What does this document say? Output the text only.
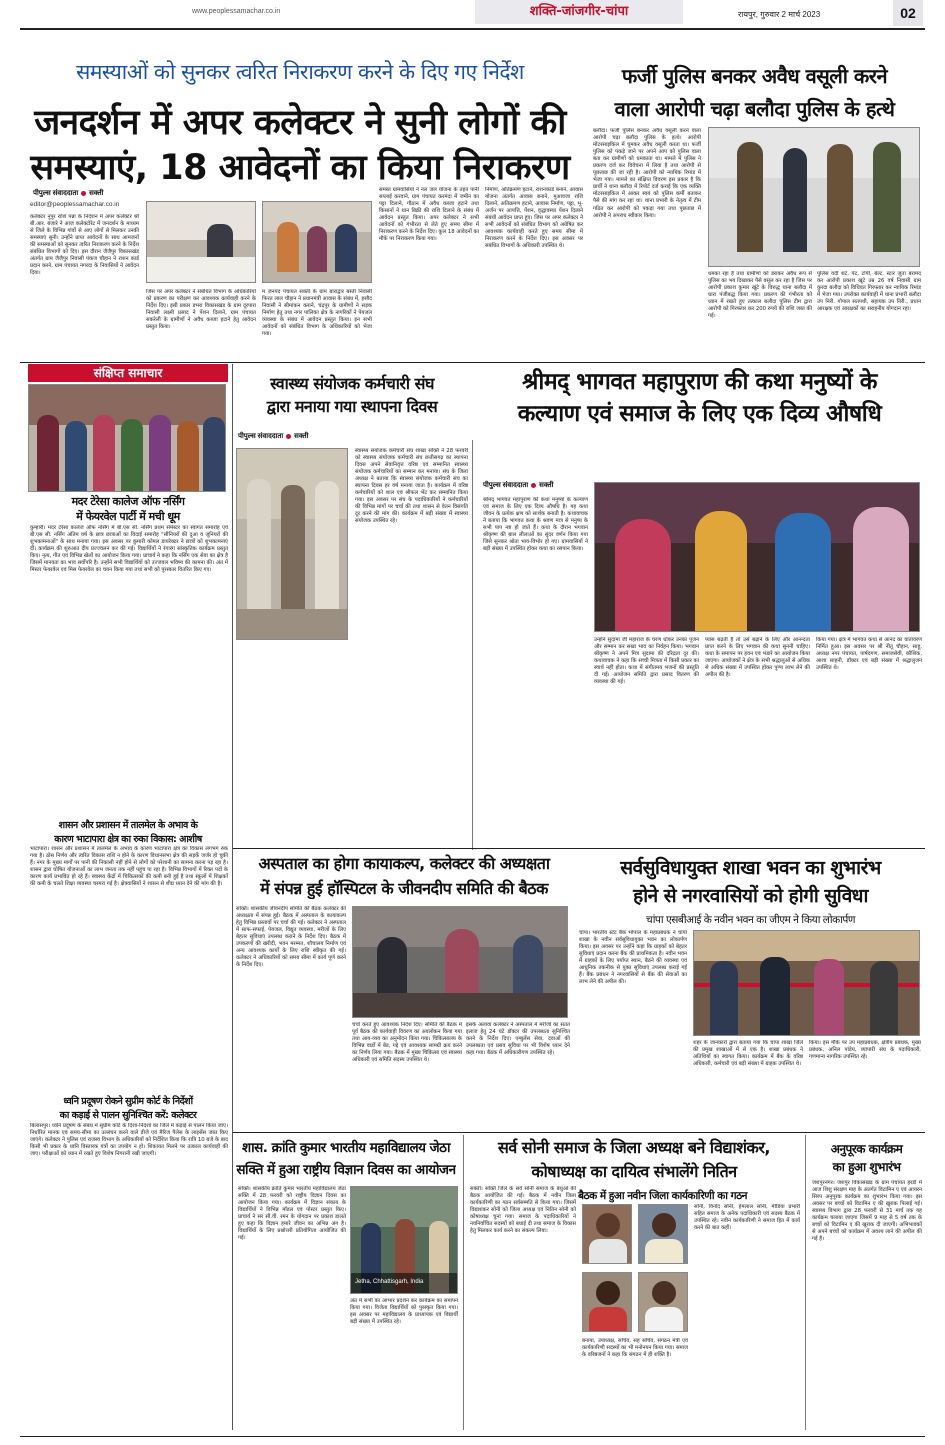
www.peoplessamachar.co.in	शक्ति-जांजगीर-चांपा	रायपुर, गुरुवार 2 मार्च 2023	02
समस्याओं को सुनकर त्वरित निराकरण करने के दिए गए निर्देश
जनदर्शन में अपर कलेक्टर ने सुनी लोगों की
समस्याएं, 18 आवेदनों का किया निराकरण
पीपुल्स संवाददाता सक्ती
editor@peoplessamachar.co.in
कलेक्टर नूपुर राशि पन्ना के निर्देशन में अपर कलेक्टर श्री बी.आर. बंजारे ने आज कलेक्टोरेट में जनदर्शन के माध्यम से जिले के विभिन्न गांवों से आए लोगों से मिलकर उनकी समस्याएं सुनी। उन्होंने प्राप्त आवेदनों के साथ आमजनों की समस्याओं को सुनकर त्वरित निराकरण करने के निर्देश संबंधित विभागों को दिए। इस दौरान जैजैपुर विकासखंड अंतर्गत ग्राम जैजैपुर निवासी पंकज चौहान ने राशन कार्ड प्रदान करने, ग्राम पंचायत नगरदा के निवासियों ने आवेदन दिया।
जिस पर अपर कलेक्टर ने संबंधित विभाग के अधिकारियों को प्रकरण का परीक्षण कर आवश्यक कार्यवाही करने के निर्देश दिए। इसी प्रकार डभरा विकासखंड के ग्राम दूरपारा निवासी लक्ष्मी प्रसाद ने पेंशन दिलाने, ग्राम पंचायत सकरेली के ग्रामीणों ने अवैध कब्जा हटाने हेतु आवेदन प्रस्तुत किया।
म जनपद पंचायत सक्ती के ग्राम बाराद्वार बस्ती निवासी फिरत लाल चौहान ने प्रधानमंत्री आवास के संबंध में, हसौद निवासी ने सीमांकन कराने, चंद्रपुर के ग्रामीणों ने सड़क निर्माण हेतु तथा नगर पालिका क्षेत्र के नागरिकों ने पेयजल व्यवस्था के संबंध में आवेदन प्रस्तुत किया। इन सभी आवेदनों को संबंधित विभाग के अधिकारियों को भेजा गया।
समस्त ग्रामवासियों ने नल जल योजना के तहत पानी सप्लाई करवाने, ग्राम पंचायत करमंदा में जमीन का पट्टा दिलाने, गौठान में अवैध कब्जा हटाने तथा किसानों ने धान बिक्री की राशि दिलाने के संबंध में आवेदन प्रस्तुत किया। अपर कलेक्टर ने सभी आवेदनों को गंभीरता से लेते हुए समय सीमा में निराकरण करने के निर्देश दिए। कुल 18 आवेदनों का मौके पर निराकरण किया गया।
निर्माण, अतिक्रमण हटाने, राशनकार्ड बनाने, आवास योजना अंतर्गत आवास बनाने, मुआवजा राशि दिलाने, अतिक्रमण हटाने, आवास निर्माण, पट्टा, भू-अर्जन पर आपत्ति, पेंशन, वृद्धावस्था पेंशन दिलाने संबंधी आवेदन प्राप्त हुए। जिस पर अपर कलेक्टर ने सभी आवेदनों को संबंधित विभाग को अग्रेषित कर आवश्यक कार्यवाही करते हुए समय सीमा में निराकरण करने के निर्देश दिए। इस अवसर पर संबंधित विभागों के अधिकारी उपस्थित थे।
फर्जी पुलिस बनकर अवैध वसूली करने
वाला आरोपी चढ़ा बलौदा पुलिस के हत्थे
बलौदा। फर्जी पुलिस बनकर अवैध वसूली करने वाला आरोपी चढ़ा बलौदा पुलिस के हत्थे। आरोपी मोटरसाइकिल में घूमकर अवैध वसूली करता था। फर्जी पुलिस को पकड़े जाने पर अपने आप को पुलिस वाला बता कर ग्रामीणों को धमकाता था। मामले में पुलिस ने प्रकरण दर्ज कर विवेचना में लिया है तथा आरोपी से पूछताछ की जा रही है। आरोपी को न्यायिक रिमांड में भेजा गया। मामले का संक्षिप्त विवरण इस प्रकार है कि प्रार्थी ने थाना बलौदा में रिपोर्ट दर्ज कराई कि एक व्यक्ति मोटरसाइकिल में आकर स्वयं को पुलिस कर्मी बताकर पैसे की मांग कर रहा था। थाना प्रभारी के नेतृत्व में टीम गठित कर आरोपी को पकड़ा गया तथा पूछताछ में आरोपी ने अपराध स्वीकार किया।
धमका रहा है तथा ग्रामीणों को डराकर अवैध रूप से पुलिस का भय दिखाकर पैसे वसूल कर रहा है जिस पर आरोपी प्रकाश कुमार खूंटे के विरुद्ध थाना बलौदा में धारा पंजीबद्ध किया गया। प्रकरण की गंभीरता को ध्यान में रखते हुए तत्काल बलौदा पुलिस टीम द्वारा आरोपी को गिरफ्तार कर 200 रुपये की राशि जब्त की गई।
पुलिस वर्दी शर्ट, पेंट, टोपी, बेल्ट, स्टार जूता बरामद कर आरोपी प्रकाश खूंटे उम्र 26 वर्ष निवासी ग्राम कुरदा बलौदा को विधिवत गिरफ्तार कर न्यायिक रिमांड में भेजा गया। उपरोक्त कार्यवाही में थाना प्रभारी बलौदा उप निरी. गोपाल सतपथी, सहायक उप निरी., प्रधान आरक्षक एवं आरक्षकों का सराहनीय योगदान रहा।
संक्षिप्त समाचार
मदर टेरेसा कालेज ऑफ नर्सिंग
में फेयरवेल पार्टी में मची धूम
कुम्हारी। मदर टेरेसा कालेज ऑफ नर्सिंग में बी.एस सी. नर्सिंग प्रथम सेमेस्टर का स्वागत समारोह एवं बी.एस सी. नर्सिंग अंतिम वर्ष के छात्र छात्राओं का विदाई समारोह "सीनियरों की दुआ व जूनियरों की शुभकामनाओं" के साथ मनाया गया। इस अवसर पर कुमारी कोमल डायरेक्टर ने छात्रों को शुभकामनाएं दीं। कार्यक्रम की शुरुआत दीप प्रज्ज्वलन कर की गई। विद्यार्थियों ने रंगारंग सांस्कृतिक कार्यक्रम प्रस्तुत किए। नृत्य, गीत एवं विभिन्न खेलों का आयोजन किया गया। प्राचार्य ने कहा कि नर्सिंग एक सेवा का क्षेत्र है जिसमें मानवता का भाव सर्वोपरि है। उन्होंने सभी विद्यार्थियों को उज्जवल भविष्य की कामना की। अंत में मिस्टर फेयरवेल एवं मिस फेयरवेल का चयन किया गया तथा सभी को पुरस्कार वितरित किए गए।
शासन और प्रशासन में तालमेल के अभाव के
कारण भाटापारा क्षेत्र का रुका विकास: आशीष
भाटापारा। शासन और प्रशासन में तालमेल के अभाव के कारण भाटापारा क्षेत्र का विकास लगभग रुक गया है। ठोस निर्णय और त्वरित विकास राशि न होने के कारण विधानसभा क्षेत्र की सड़कें जर्जर हो चुकी हैं। नगर के मुख्य मार्गों पर पानी की निकासी नहीं होने से लोगों को परेशानी का सामना करना पड़ रहा है। शासन द्वारा घोषित योजनाओं का लाभ जनता तक नहीं पहुंच पा रहा है। विभिन्न विभागों में रिक्त पदों के कारण कार्य प्रभावित हो रहे हैं। स्वास्थ्य केंद्रों में चिकित्सकों की कमी बनी हुई है तथा स्कूलों में शिक्षकों की कमी के चलते शिक्षा व्यवस्था चरमरा गई है। क्षेत्रवासियों ने शासन से शीघ्र ध्यान देने की मांग की है।
ध्वनि प्रदूषण रोकने सुप्रीम कोर्ट के निर्देशों
का कड़ाई से पालन सुनिश्चित करें: कलेक्टर
बिलासपुर। ध्वनि प्रदूषण के संबंध में सुप्रीम कोर्ट के दिशा-निर्देशों का जिले में कड़ाई से पालन किया जाए। निर्धारित मानक एवं समय-सीमा का उल्लंघन करने वाले डीजे एवं मैरिज पैलेस के लाइसेंस जब्त किए जाएंगे। कलेक्टर ने पुलिस एवं राजस्व विभाग के अधिकारियों को निर्देशित किया कि रात्रि 10 बजे के बाद किसी भी प्रकार के ध्वनि विस्तारक यंत्रों का उपयोग न हो। शिकायत मिलने पर तत्काल कार्यवाही की जाए। परीक्षाओं को ध्यान में रखते हुए विशेष निगरानी रखी जाएगी।
स्वास्थ्य संयोजक कर्मचारी संघ
द्वारा मनाया गया स्थापना दिवस
पीपुल्स संवाददाता सक्ती
स्वास्थ्य संयोजक कर्मचारी संघ शाखा सक्ति ने 28 फरवरी को स्वास्थ्य संयोजक कर्मचारी संघ छत्तीसगढ़ का स्थापना दिवस अपने सेवानिवृत्त वरिष्ठ एवं सम्मानित स्वास्थ्य संयोजक कर्मचारियों का सम्मान कर मनाया। संघ के जिला अध्यक्ष ने बताया कि स्वास्थ्य संयोजक कर्मचारी संघ का स्थापना दिवस हर वर्ष मनाया जाता है। कार्यक्रम में वरिष्ठ कर्मचारियों को शाल एवं श्रीफल भेंट कर सम्मानित किया गया। इस अवसर पर संघ के पदाधिकारियों ने कर्मचारियों की विभिन्न मांगों पर चर्चा की तथा शासन से वेतन विसंगति दूर करने की मांग की। कार्यक्रम में बड़ी संख्या में स्वास्थ्य संयोजक उपस्थित रहे।
श्रीमद् भागवत महापुराण की कथा मनुष्यों के
कल्याण एवं समाज के लिए एक दिव्य औषधि
पीपुल्स संवाददाता सक्ती
श्रीमद् भागवत महापुराण की कथा मनुष्यों के कल्याण एवं समाज के लिए एक दिव्य औषधि है। यह कथा जीवन के प्रत्येक क्षण को सार्थक बनाती है। कथावाचक ने बताया कि भागवत कथा के श्रवण मात्र से मनुष्य के सभी पाप नष्ट हो जाते हैं। कथा के दौरान भगवान श्रीकृष्ण की बाल लीलाओं का सुंदर वर्णन किया गया जिसे सुनकर श्रोता भाव-विभोर हो गए। ग्रामवासियों ने बड़ी संख्या में उपस्थित होकर कथा का रसपान किया।
उन्होंने सुदामा जी महाराज के चरण धोकर उनका पूजन और सम्मान कर सखा भाव का निर्वहन किया। भगवान श्रीकृष्ण ने अपने मित्र सुदामा की दरिद्रता दूर की। कथावाचक ने कहा कि सच्ची मित्रता में किसी प्रकार का स्वार्थ नहीं होता। कथा में संगीतमय भजनों की प्रस्तुति दी गई। आयोजन समिति द्वारा प्रसाद वितरण की व्यवस्था की गई।
प्यास बढ़ती है तो उसे बढ़ाने के लिए और आनन्दता प्राप्त करने के लिए भगवान की कथा सुननी चाहिए। कथा के समापन पर हवन एवं भंडारे का आयोजन किया जाएगा। आयोजकों ने क्षेत्र के सभी श्रद्धालुओं से अधिक से अधिक संख्या में उपस्थित होकर पुण्य लाभ लेने की अपील की है।
किया गया। क्षेत्र में भागवत कथा से आनंद का वातावरण निर्मित हुआ। इस अवसर पर श्री नीतू चौहान, साहू, अध्यक्ष नगर पंचायत, पार्षदगण, समाजसेवी, कौशिक, आशा साहनी, डॉक्टर एवं बड़ी संख्या में श्रद्धालुजन उपस्थित थे।
अस्पताल का होगा कायाकल्प, कलेक्टर की अध्यक्षता
में संपन्न हुई हॉस्पिटल के जीवनदीप समिति की बैठक
सक्ति। शासकीय जीवनदीप समिति की बैठक कलेक्टर की अध्यक्षता में संपन्न हुई। बैठक में अस्पताल के कायाकल्प हेतु विभिन्न प्रस्तावों पर चर्चा की गई। कलेक्टर ने अस्पताल में साफ-सफाई, पेयजल, विद्युत व्यवस्था, मरीजों के लिए बेहतर सुविधाएं उपलब्ध कराने के निर्देश दिए। बैठक में उपकरणों की खरीदी, भवन मरम्मत, शौचालय निर्माण एवं अन्य आवश्यक कार्यों के लिए राशि स्वीकृत की गई। कलेक्टर ने अधिकारियों को समय सीमा में कार्य पूर्ण करने के निर्देश दिए।
चर्चा करते हुए आवश्यक निर्देश दिए। समिति की बैठक में पूर्व बैठक की कार्यवाही विवरण का अवलोकन किया गया तथा आय-व्यय का अनुमोदन किया गया। चिकित्सालय के विभिन्न वार्डों में बेड, गद्दे एवं आवश्यक सामग्री क्रय करने का निर्णय लिया गया। बैठक में मुख्य चिकित्सा एवं स्वास्थ्य अधिकारी एवं समिति सदस्य उपस्थित थे।
इसके अलावा कलेक्टर ने अस्पताल में मरीजों का सतत इलाज हेतु 24 घंटे डॉक्टर की उपलब्धता सुनिश्चित करने के निर्देश दिए। एम्बुलेंस सेवा, दवाओं की उपलब्धता एवं प्रसव सुविधा पर भी विशेष ध्यान देने कहा गया। बैठक में अधिकारीगण उपस्थित रहे।
सर्वसुविधायुक्त शाखा भवन का शुभारंभ
होने से नगरवासियों को होगी सुविधा
चांपा एसबीआई के नवीन भवन का जीएम ने किया लोकार्पण
चांपा। भारतीय स्टेट बैंक भोपाल के महाप्रबंधक ने चांपा शाखा के नवीन सर्वसुविधायुक्त भवन का लोकार्पण किया। इस अवसर पर उन्होंने कहा कि ग्राहकों को बेहतर सुविधाएं प्रदान करना बैंक की प्राथमिकता है। नवीन भवन में ग्राहकों के लिए पर्याप्त स्थान, बैठने की व्यवस्था एवं आधुनिक तकनीक से युक्त सुविधाएं उपलब्ध कराई गई हैं। बैंक प्रबंधन ने नगरवासियों से बैंक की सेवाओं का लाभ लेने की अपील की।
शहर के जानकारों द्वारा बताया गया कि चांपा शाखा जिले की प्रमुख शाखाओं में से एक है। शाखा प्रबंधक ने अतिथियों का स्वागत किया। कार्यक्रम में बैंक के वरिष्ठ अधिकारी, कर्मचारी एवं बड़ी संख्या में ग्राहक उपस्थित थे।
किया। इस मौके पर उप महाप्रबंधक, क्षेत्रीय प्रबंधक, मुख्य प्रबंधक, अनिल पांडेय, व्यापारी संघ के पदाधिकारी, गणमान्य नागरिक उपस्थित रहे।
शास. क्रांति कुमार भारतीय महाविद्यालय जेठा
सक्ति में हुआ राष्ट्रीय विज्ञान दिवस का आयोजन
सक्ति। शासकीय क्रांति कुमार भारतीय महाविद्यालय जेठा सक्ति में 28 फरवरी को राष्ट्रीय विज्ञान दिवस का आयोजन किया गया। कार्यक्रम में विज्ञान संकाय के विद्यार्थियों ने विभिन्न मॉडल एवं पोस्टर प्रस्तुत किए। प्राचार्य ने सर सी.वी. रमन के योगदान पर प्रकाश डालते हुए कहा कि विज्ञान हमारे जीवन का अभिन्न अंग है। विद्यार्थियों के लिए प्रश्नोत्तरी प्रतियोगिता आयोजित की गई।
Jetha, Chhattisgarh, India
अंत में सभी का आभार प्रदर्शन कर कार्यक्रम का समापन किया गया। विजेता विद्यार्थियों को पुरस्कृत किया गया। इस अवसर पर महाविद्यालय के प्राध्यापक एवं विद्यार्थी बड़ी संख्या में उपस्थित रहे।
सर्व सोनी समाज के जिला अध्यक्ष बने विद्याशंकर,
कोषाध्यक्ष का दायित्व संभालेंगे नितिन
बैठक में हुआ नवीन जिला कार्यकारिणी का गठन
सक्ती। सक्ति जिले के सर्व सोनी समाज के बंधुओं की बैठक आयोजित की गई। बैठक में नवीन जिला कार्यकारिणी का गठन सर्वसम्मति से किया गया। जिसमें विद्याशंकर सोनी को जिला अध्यक्ष एवं नितिन सोनी को कोषाध्यक्ष चुना गया। समाज के पदाधिकारियों ने नवनिर्वाचित सदस्यों को बधाई दी तथा समाज के विकास हेतु मिलकर कार्य करने का संकल्प लिया।
बनाया, उपाध्यक्ष, सचिव, सह सचिव, संगठन मंत्री एवं कार्यकारिणी सदस्यों का भी मनोनयन किया गया। समाज के वरिष्ठजनों ने कहा कि संगठन में ही शक्ति है।
सोनी, विनोद सोनी, हेमलाल सोनी, मीडिया प्रभारी सहित समाज के अनेक पदाधिकारी एवं सदस्य बैठक में उपस्थित रहे। नवीन कार्यकारिणी ने समाज हित में कार्य करने की बात कही।
अनुपूरक कार्यक्रम
का हुआ शुभारंभ
जशपुरनगर। जशपुर विकासखंड के ग्राम पंचायत हरडी में आज शिशु संरक्षण माह के अंतर्गत विटामिन ए एवं आयरन सिरप अनुपूरक कार्यक्रम का शुभारंभ किया गया। इस अवसर पर बच्चों को विटामिन ए की खुराक पिलाई गई। स्वास्थ्य विभाग द्वारा 28 फरवरी से 31 मार्च तक यह कार्यक्रम चलाया जाएगा जिसमें 9 माह से 5 वर्ष तक के बच्चों को विटामिन ए की खुराक दी जाएगी। अभिभावकों से अपने बच्चों को कार्यक्रम में अवश्य लाने की अपील की गई है।
